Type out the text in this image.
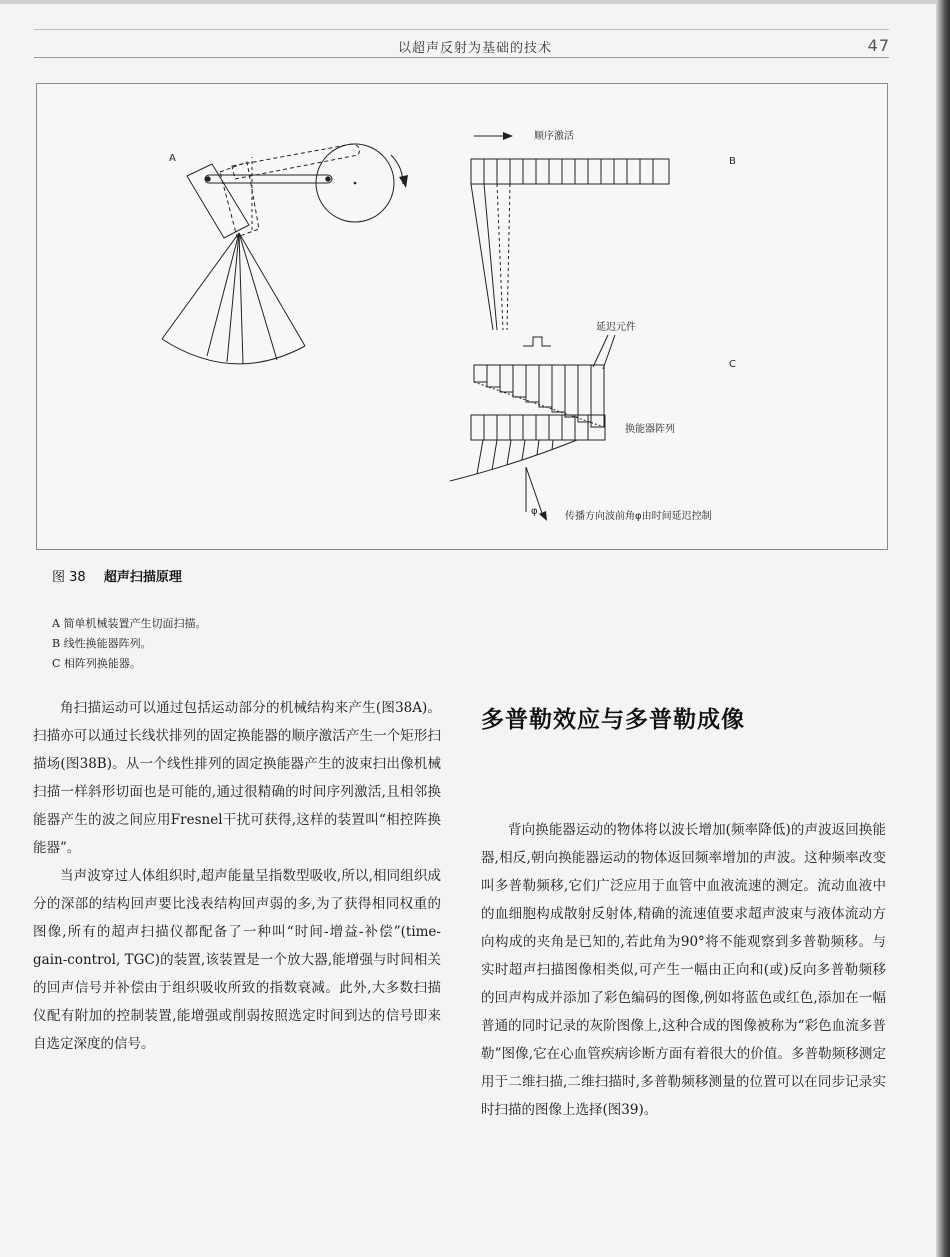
以超声反射为基础的技术	47
A
顺序激活
B
延迟元件
C
换能器阵列
φ	传播方向波前角φ由时间延迟控制
图 38 超声扫描原理
A 简单机械装置产生切面扫描。
B 线性换能器阵列。
C 相阵列换能器。

角扫描运动可以通过包括运动部分的机械结构来产生(图38A)。扫描亦可以通过长线状排列的固定换能器的顺序激活产生一个矩形扫描场(图38B)。从一个线性排列的固定换能器产生的波束扫出像机械扫描一样斜形切面也是可能的,通过很精确的时间序列激活,且相邻换能器产生的波之间应用Fresnel干扰可获得,这样的装置叫“相控阵换能器”。

当声波穿过人体组织时,超声能量呈指数型吸收,所以,相同组织成分的深部的结构回声要比浅表结构回声弱的多,为了获得相同权重的图像,所有的超声扫描仪都配备了一种叫“时间-增益-补偿”(time-gain-control, TGC)的装置,该装置是一个放大器,能增强与时间相关的回声信号并补偿由于组织吸收所致的指数衰减。此外,大多数扫描仪配有附加的控制装置,能增强或削弱按照选定时间到达的信号即来自选定深度的信号。

多普勒效应与多普勒成像

背向换能器运动的物体将以波长增加(频率降低)的声波返回换能器,相反,朝向换能器运动的物体返回频率增加的声波。这种频率改变叫多普勒频移,它们广泛应用于血管中血液流速的测定。流动血液中的血细胞构成散射反射体,精确的流速值要求超声波束与液体流动方向构成的夹角是已知的,若此角为90°将不能观察到多普勒频移。与实时超声扫描图像相类似,可产生一幅由正向和(或)反向多普勒频移的回声构成并添加了彩色编码的图像,例如将蓝色或红色,添加在一幅普通的同时记录的灰阶图像上,这种合成的图像被称为“彩色血流多普勒”图像,它在心血管疾病诊断方面有着很大的价值。多普勒频移测定用于二维扫描,二维扫描时,多普勒频移测量的位置可以在同步记录实时扫描的图像上选择(图39)。
